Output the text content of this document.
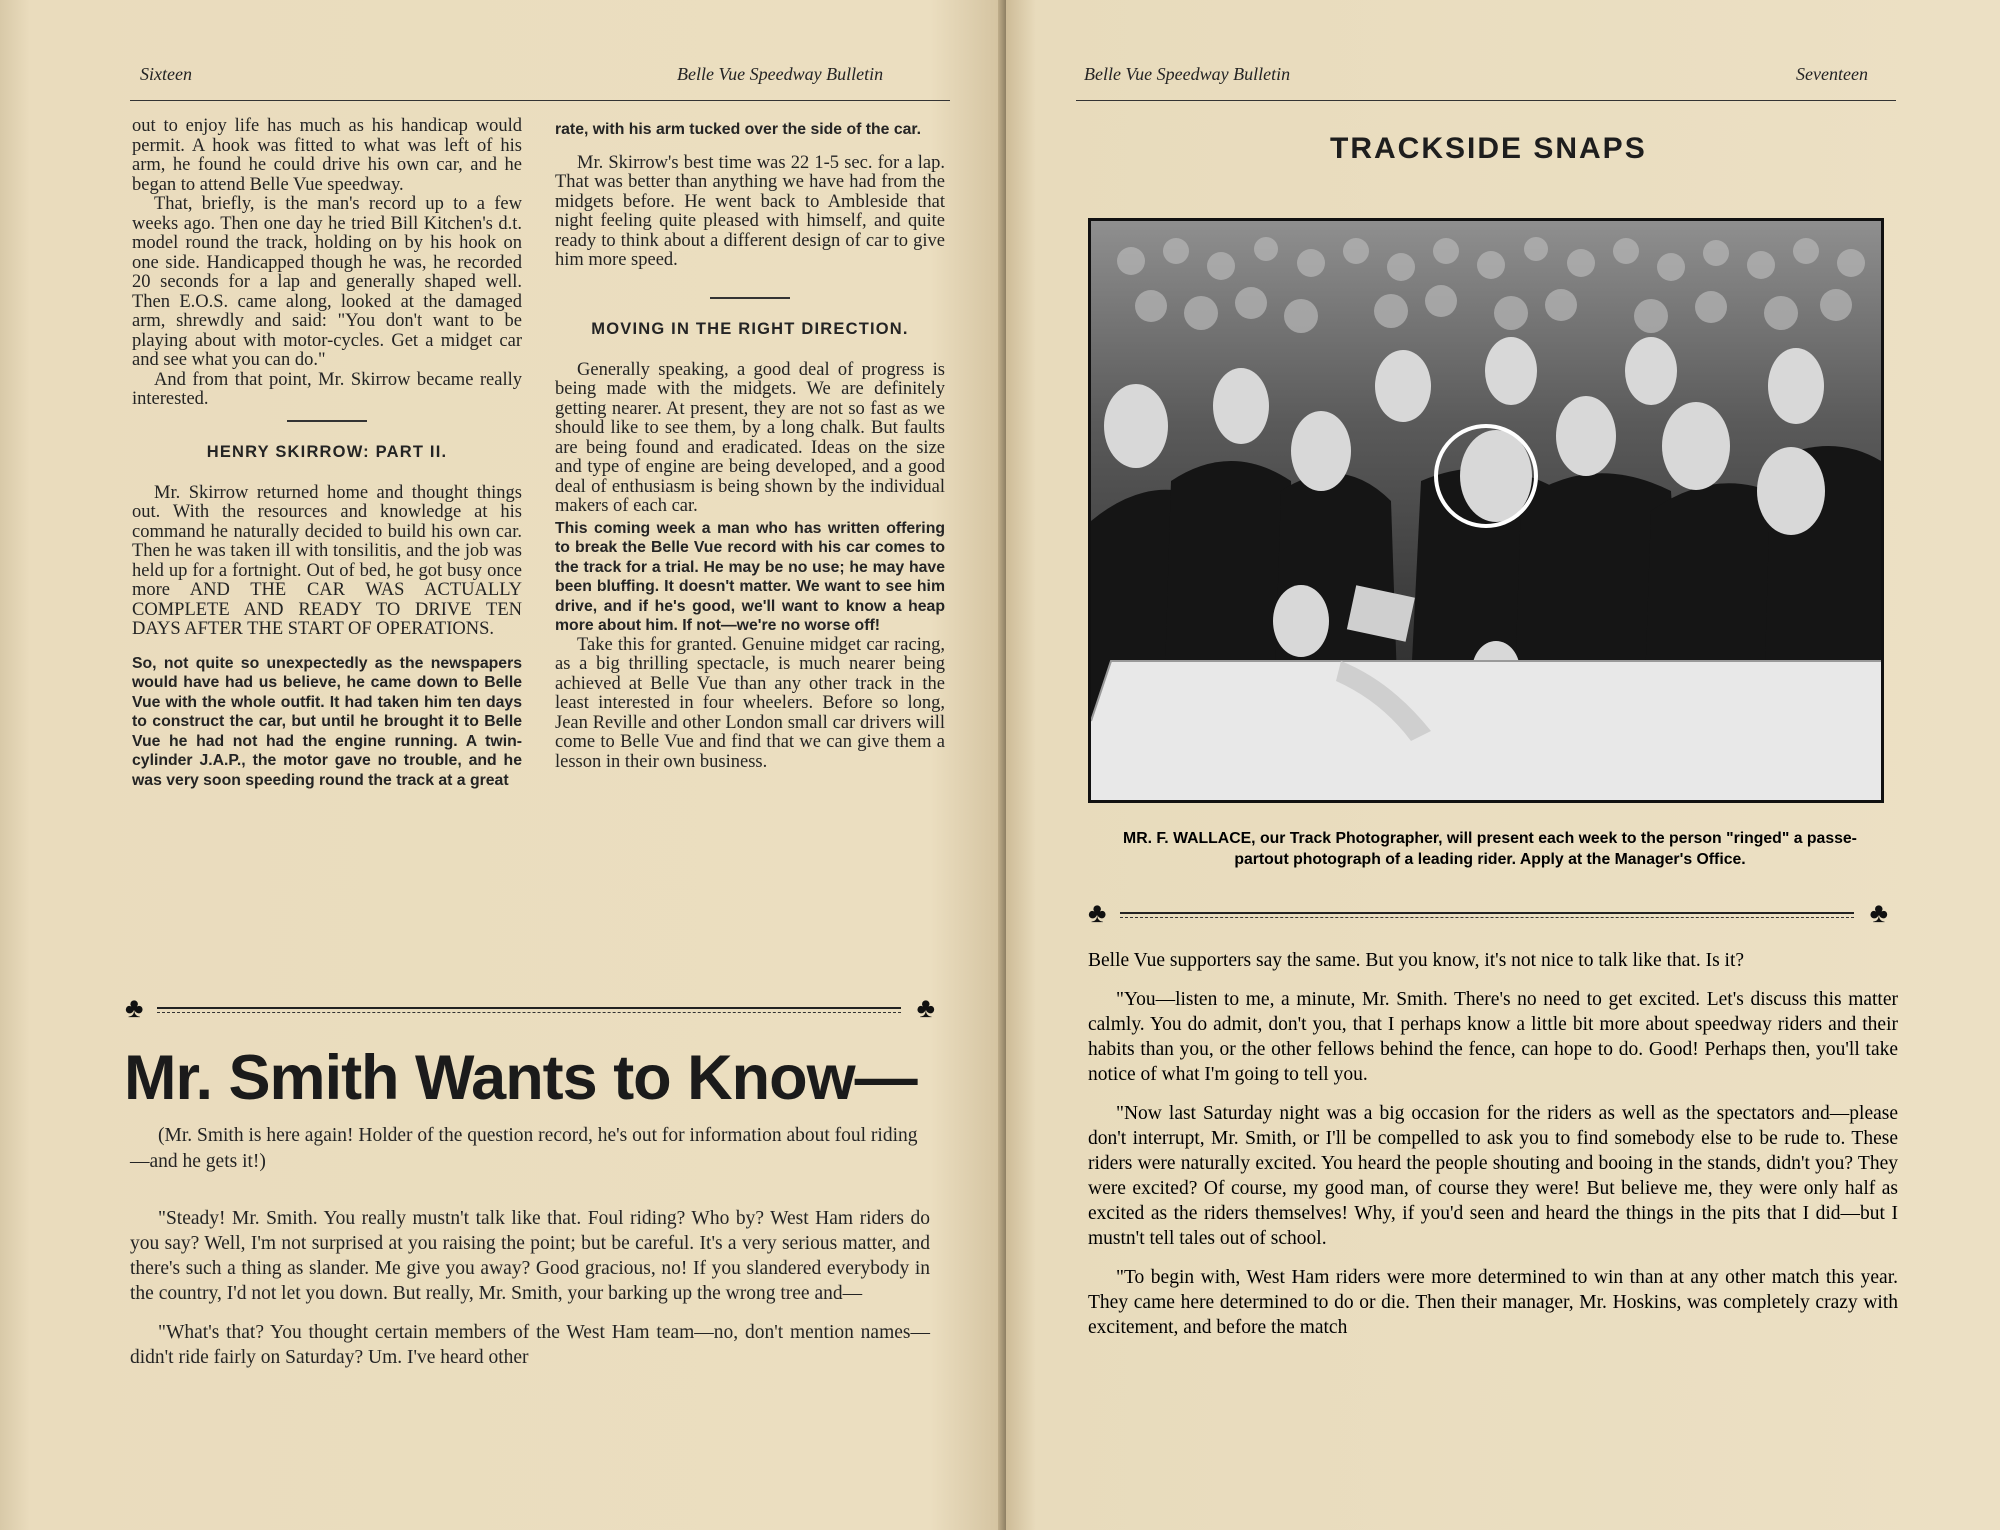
Sixteen	Belle Vue Speedway Bulletin

out to enjoy life has much as his handicap would permit. A hook was fitted to what was left of his arm, he found he could drive his own car, and he began to attend Belle Vue speedway.

That, briefly, is the man's record up to a few weeks ago. Then one day he tried Bill Kitchen's d.t. model round the track, holding on by his hook on one side. Handicapped though he was, he recorded 20 seconds for a lap and generally shaped well. Then E.O.S. came along, looked at the damaged arm, shrewdly and said: "You don't want to be playing about with motor-cycles. Get a midget car and see what you can do."

And from that point, Mr. Skirrow became really interested.

HENRY SKIRROW: PART II.

Mr. Skirrow returned home and thought things out. With the resources and knowledge at his command he naturally decided to build his own car. Then he was taken ill with tonsilitis, and the job was held up for a fortnight. Out of bed, he got busy once more AND THE CAR WAS ACTUALLY COMPLETE AND READY TO DRIVE TEN DAYS AFTER THE START OF OPERATIONS.

So, not quite so unexpectedly as the newspapers would have had us believe, he came down to Belle Vue with the whole outfit. It had taken him ten days to construct the car, but until he brought it to Belle Vue he had not had the engine running. A twin-cylinder J.A.P., the motor gave no trouble, and he was very soon speeding round the track at a great

rate, with his arm tucked over the side of the car.

Mr. Skirrow's best time was 22 1-5 sec. for a lap. That was better than anything we have had from the midgets before. He went back to Ambleside that night feeling quite pleased with himself, and quite ready to think about a different design of car to give him more speed.

MOVING IN THE RIGHT DIRECTION.

Generally speaking, a good deal of progress is being made with the midgets. We are definitely getting nearer. At present, they are not so fast as we should like to see them, by a long chalk. But faults are being found and eradicated. Ideas on the size and type of engine are being developed, and a good deal of enthusiasm is being shown by the individual makers of each car.

This coming week a man who has written offering to break the Belle Vue record with his car comes to the track for a trial. He may be no use; he may have been bluffing. It doesn't matter. We want to see him drive, and if he's good, we'll want to know a heap more about him. If not—we're no worse off!

Take this for granted. Genuine midget car racing, as a big thrilling spectacle, is much nearer being achieved at Belle Vue than any other track in the least interested in four wheelers. Before so long, Jean Reville and other London small car drivers will come to Belle Vue and find that we can give them a lesson in their own business.

♣	♣
Mr. Smith Wants to Know—
(Mr. Smith is here again! Holder of the question record, he's out for information about foul riding—and he gets it!)

"Steady! Mr. Smith. You really mustn't talk like that. Foul riding? Who by? West Ham riders do you say? Well, I'm not surprised at you raising the point; but be careful. It's a very serious matter, and there's such a thing as slander. Me give you away? Good gracious, no! If you slandered everybody in the country, I'd not let you down. But really, Mr. Smith, your barking up the wrong tree and—

"What's that? You thought certain members of the West Ham team—no, don't mention names—didn't ride fairly on Saturday? Um. I've heard other

Belle Vue Speedway Bulletin	Seventeen
TRACKSIDE SNAPS
MR. F. WALLACE, our Track Photographer, will present each week to the person "ringed" a passe-partout photograph of a leading rider. Apply at the Manager's Office.
♣	♣

Belle Vue supporters say the same. But you know, it's not nice to talk like that. Is it?

"You—listen to me, a minute, Mr. Smith. There's no need to get excited. Let's discuss this matter calmly. You do admit, don't you, that I perhaps know a little bit more about speedway riders and their habits than you, or the other fellows behind the fence, can hope to do. Good! Perhaps then, you'll take notice of what I'm going to tell you.

"Now last Saturday night was a big occasion for the riders as well as the spectators and—please don't interrupt, Mr. Smith, or I'll be compelled to ask you to find somebody else to be rude to. These riders were naturally excited. You heard the people shouting and booing in the stands, didn't you? They were excited? Of course, my good man, of course they were! But believe me, they were only half as excited as the riders themselves! Why, if you'd seen and heard the things in the pits that I did—but I mustn't tell tales out of school.

"To begin with, West Ham riders were more determined to win than at any other match this year. They came here determined to do or die. Then their manager, Mr. Hoskins, was completely crazy with excitement, and before the match
